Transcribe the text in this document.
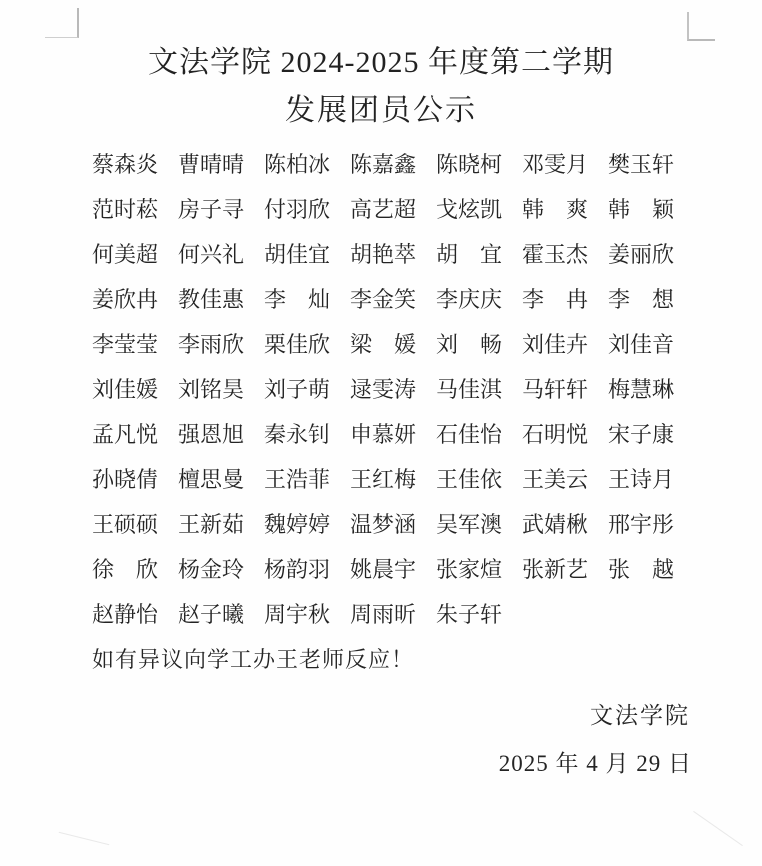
文法学院 2024-2025 年度第二学期
发展团员公示
蔡森炎 曹晴晴 陈柏冰 陈嘉鑫 陈晓柯 邓雯月 樊玉轩
范时菘 房子寻 付羽欣 高艺超 戈炫凯 韩　爽 韩　颖
何美超 何兴礼 胡佳宜 胡艳萃 胡　宜 霍玉杰 姜丽欣
姜欣冉 教佳惠 李　灿 李金笑 李庆庆 李　冉 李　想
李莹莹 李雨欣 栗佳欣 梁　媛 刘　畅 刘佳卉 刘佳音
刘佳媛 刘铭昊 刘子萌 逯雯涛 马佳淇 马轩轩 梅慧琳
孟凡悦 强恩旭 秦永钊 申慕妍 石佳怡 石明悦 宋子康
孙晓倩 檀思曼 王浩菲 王红梅 王佳依 王美云 王诗月
王硕硕 王新茹 魏婷婷 温梦涵 吴军澳 武婧楸 邢宇彤
徐　欣 杨金玲 杨韵羽 姚晨宇 张家煊 张新艺 张　越
赵静怡 赵子曦 周宇秋 周雨昕 朱子轩
如有异议向学工办王老师反应！
文法学院
2025 年 4 月 29 日
